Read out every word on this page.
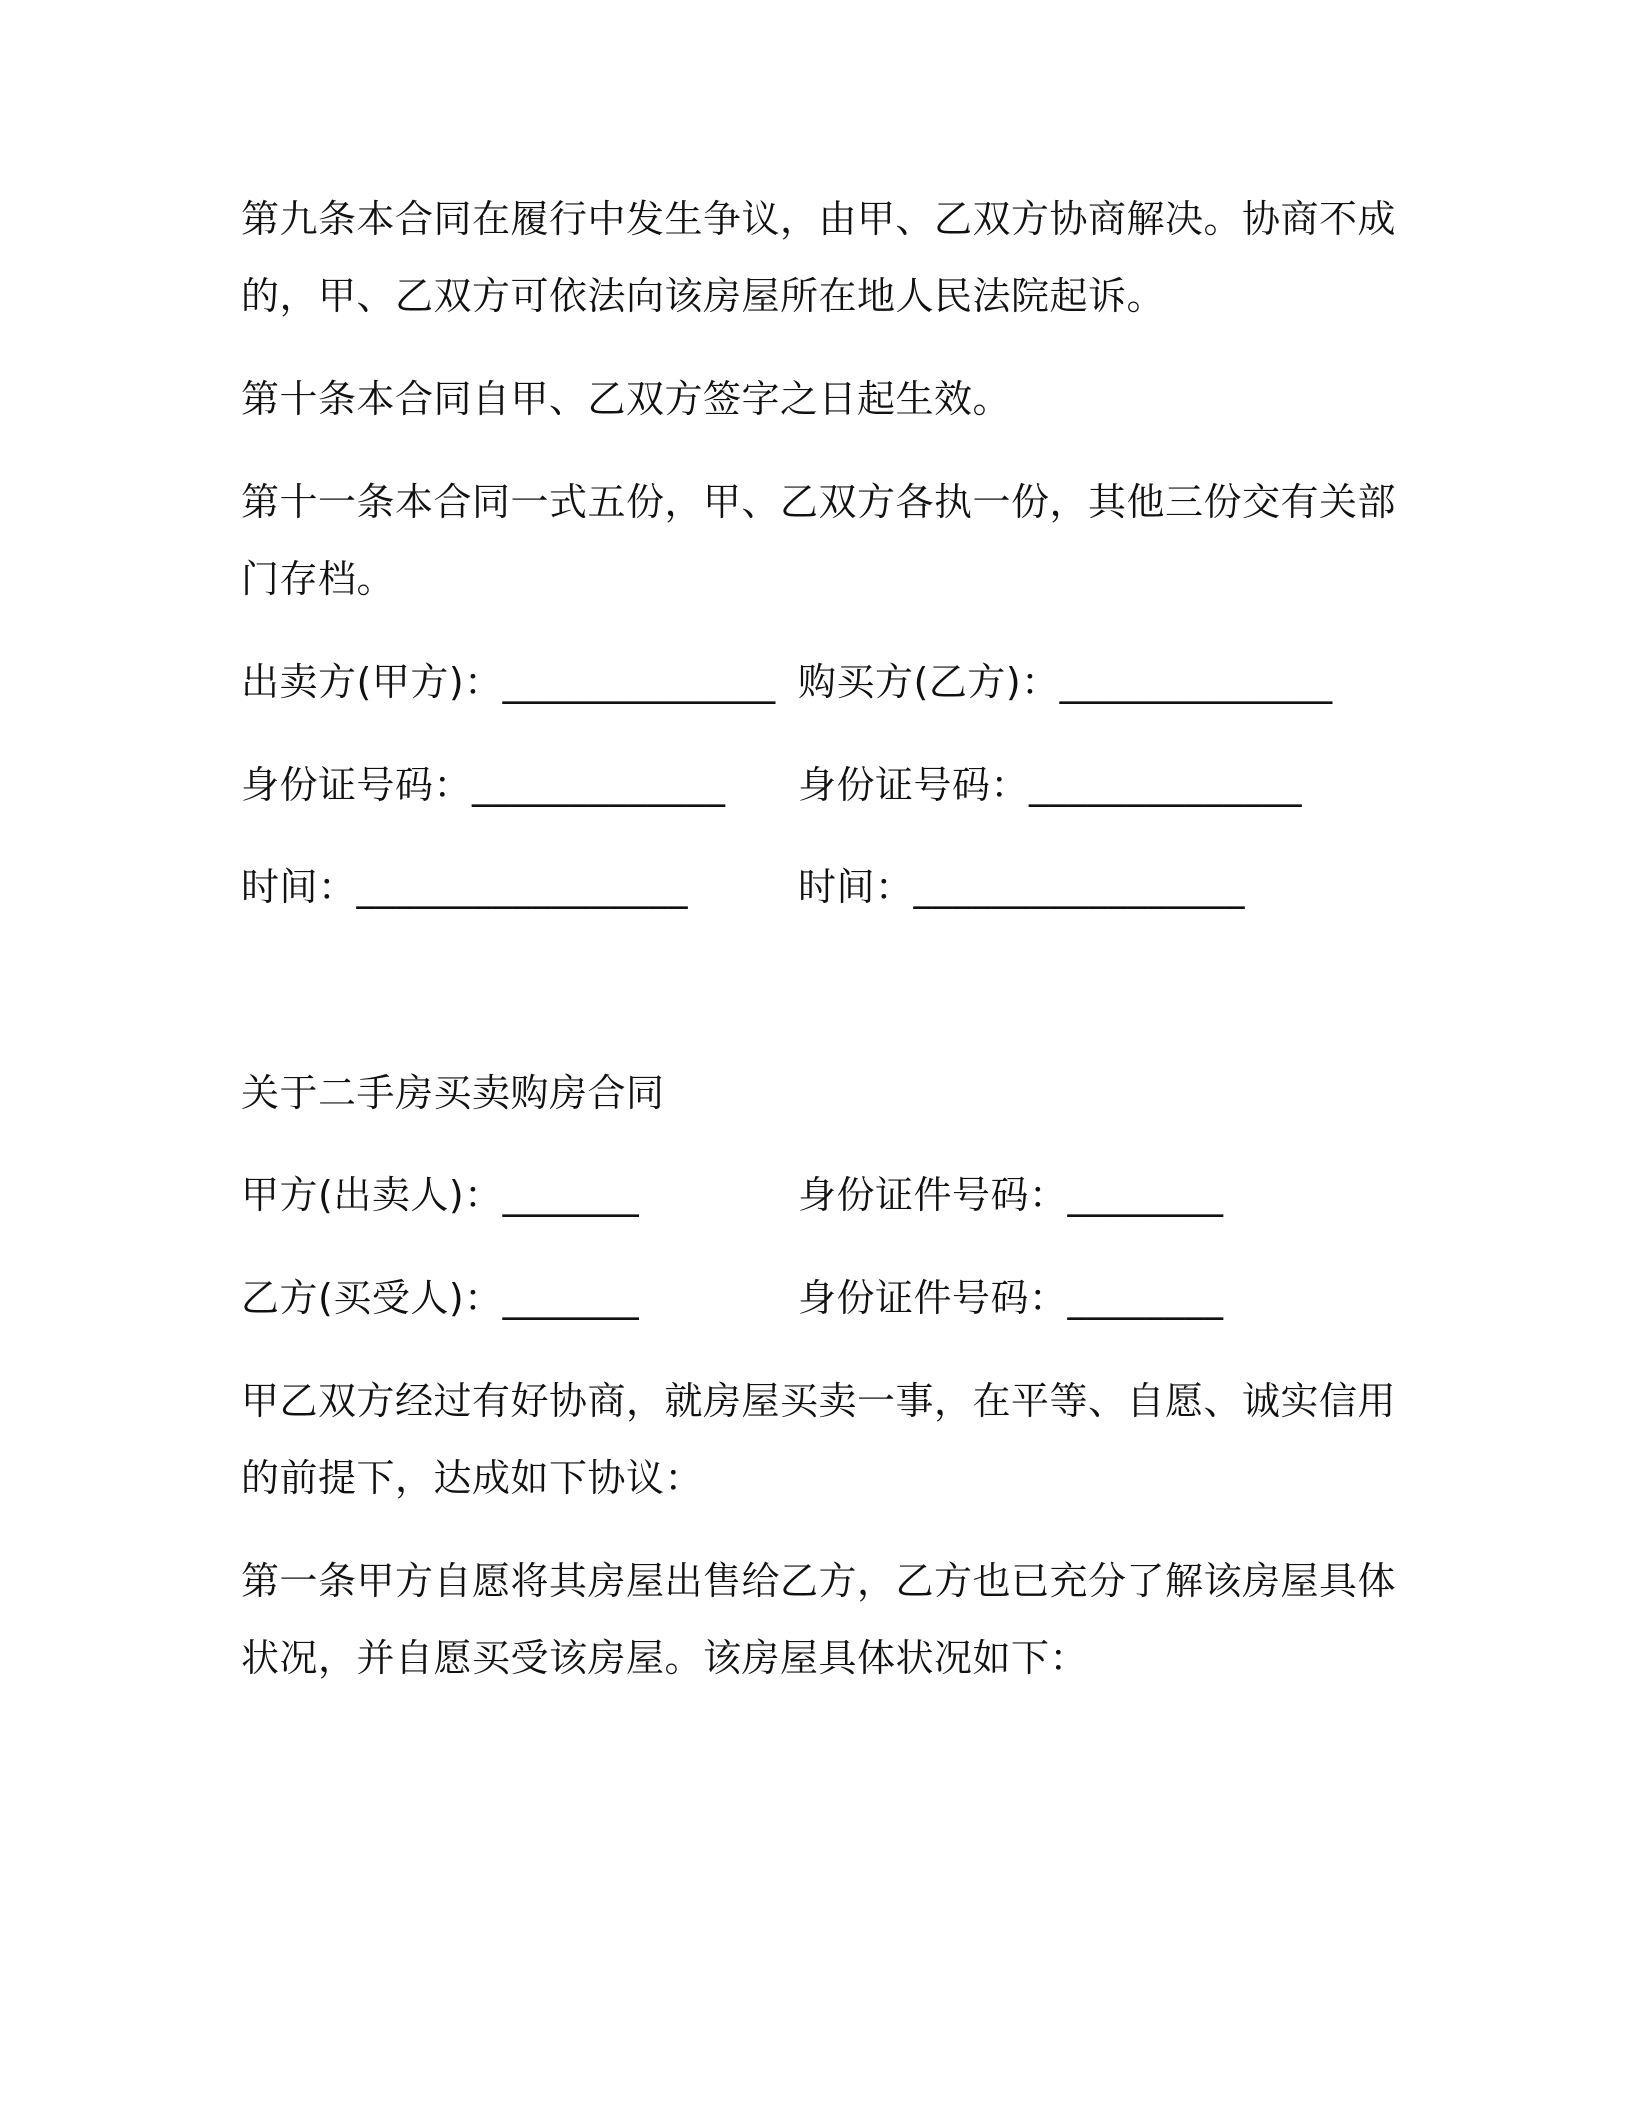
第九条本合同在履行中发生争议，由甲、乙双方协商解决。协商不成
的，甲、乙双方可依法向该房屋所在地人民法院起诉。
第十条本合同自甲、乙双方签字之日起生效。
第十一条本合同一式五份，甲、乙双方各执一份，其他三份交有关部
门存档。
出卖方(甲方)：______________ 购买方(乙方)：______________
身份证号码：_____________ 身份证号码：______________
时间：_________________	时间：_________________
关于二手房买卖购房合同
甲方(出卖人)：_______	身份证件号码：________
乙方(买受人)：_______	身份证件号码：________
甲乙双方经过有好协商，就房屋买卖一事，在平等、自愿、诚实信用
的前提下，达成如下协议：
第一条甲方自愿将其房屋出售给乙方，乙方也已充分了解该房屋具体
状况，并自愿买受该房屋。该房屋具体状况如下：
